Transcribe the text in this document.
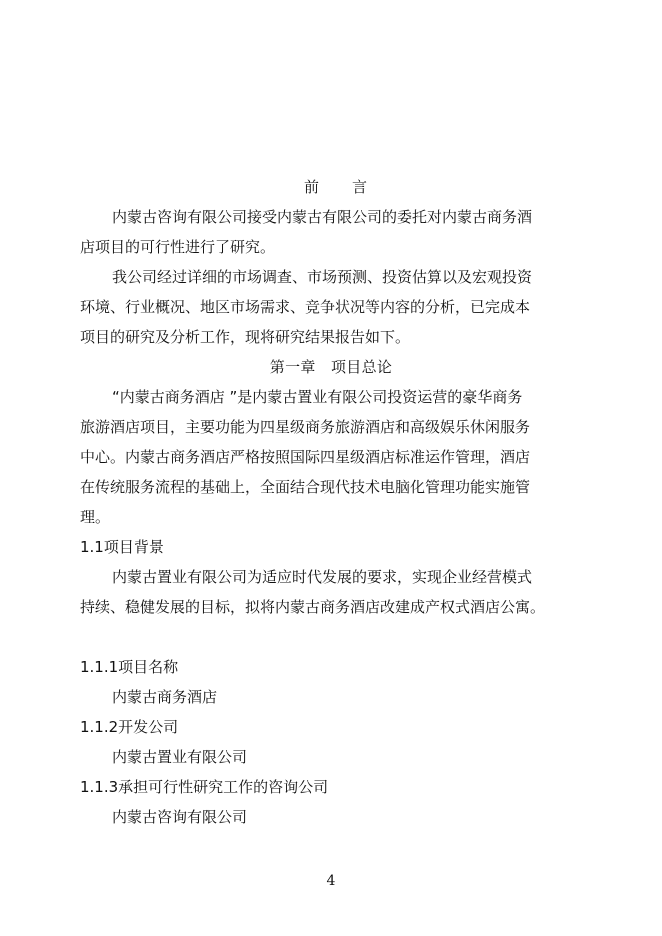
前　言
内蒙古咨询有限公司接受内蒙古有限公司的委托对内蒙古商务酒
店项目的可行性进行了研究。
我公司经过详细的市场调查、市场预测、投资估算以及宏观投资
环境、行业概况、地区市场需求、竞争状况等内容的分析，已完成本
项目的研究及分析工作，现将研究结果报告如下。
第一章　项目总论
“内蒙古商务酒店 ”是内蒙古置业有限公司投资运营的豪华商务
旅游酒店项目，主要功能为四星级商务旅游酒店和高级娱乐休闲服务
中心。内蒙古商务酒店严格按照国际四星级酒店标准运作管理，酒店
在传统服务流程的基础上，全面结合现代技术电脑化管理功能实施管
理。
1.1项目背景
内蒙古置业有限公司为适应时代发展的要求，实现企业经营模式
持续、稳健发展的目标，拟将内蒙古商务酒店改建成产权式酒店公寓。
1.1.1项目名称
内蒙古商务酒店
1.1.2开发公司
内蒙古置业有限公司
1.1.3承担可行性研究工作的咨询公司
内蒙古咨询有限公司
4
